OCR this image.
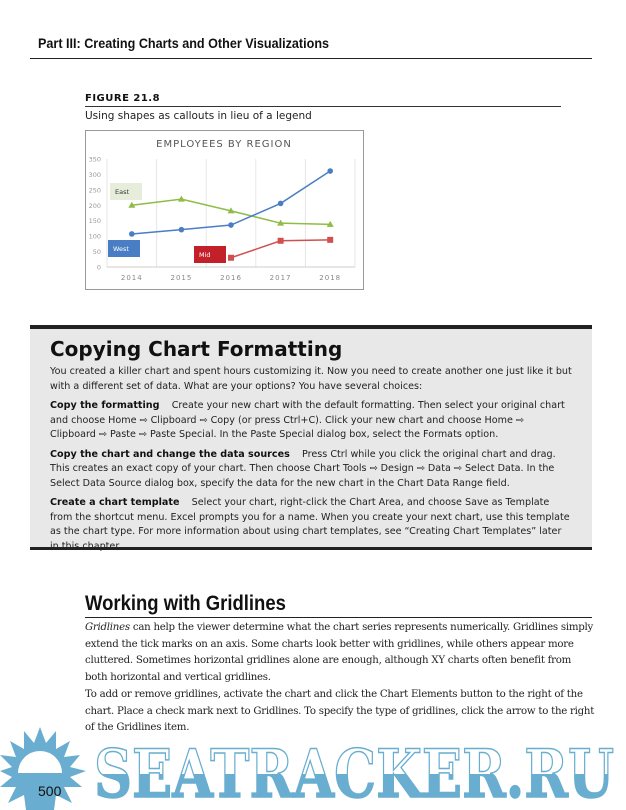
Part III: Creating Charts and Other Visualizations
FIGURE 21.8
Using shapes as callouts in lieu of a legend
EMPLOYEES BY REGION
0
50
100
150
200
250
300
350
2014	2015	2016	2017	2018
East
West
Mid
Copying Chart Formatting

You created a killer chart and spent hours customizing it. Now you need to create another one just like it but with a different set of data. What are your options? You have several choices:

Copy the formatting Create your new chart with the default formatting. Then select your original chart and choose Home ⇨ Clipboard ⇨ Copy (or press Ctrl+C). Click your new chart and choose Home ⇨ Clipboard ⇨ Paste ⇨ Paste Special. In the Paste Special dialog box, select the Formats option.

Copy the chart and change the data sources Press Ctrl while you click the original chart and drag. This creates an exact copy of your chart. Then choose Chart Tools ⇨ Design ⇨ Data ⇨ Select Data. In the Select Data Source dialog box, specify the data for the new chart in the Chart Data Range field.

Create a chart template Select your chart, right-click the Chart Area, and choose Save as Template from the shortcut menu. Excel prompts you for a name. When you create your next chart, use this template as the chart type. For more information about using chart templates, see “Creating Chart Templates” later in this chapter.

Working with Gridlines
Gridlines can help the viewer determine what the chart series represents numerically. Gridlines simply extend the tick marks on an axis. Some charts look better with gridlines, while others appear more cluttered. Sometimes horizontal gridlines alone are enough, although XY charts often benefit from both horizontal and vertical gridlines.
To add or remove gridlines, activate the chart and click the Chart Elements button to the right of the chart. Place a check mark next to Gridlines. To specify the type of gridlines, click the arrow to the right of the Gridlines item.
SEATRACKER.RU
500
